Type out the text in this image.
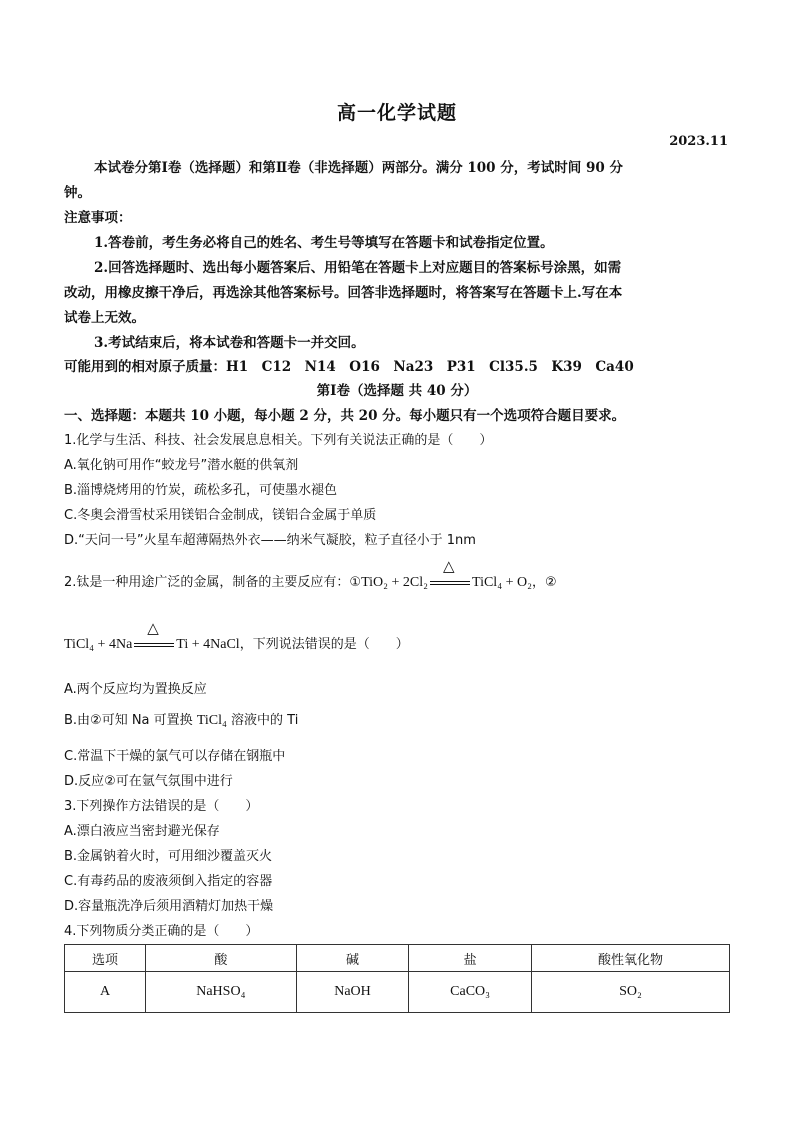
高一化学试题
2023.11
本试卷分第Ⅰ卷（选择题）和第Ⅱ卷（非选择题）两部分。满分 100 分，考试时间 90 分
钟。
注意事项：
1.答卷前，考生务必将自己的姓名、考生号等填写在答题卡和试卷指定位置。
2.回答选择题时、选出每小题答案后、用铅笔在答题卡上对应题目的答案标号涂黑，如需
改动，用橡皮擦干净后，再选涂其他答案标号。回答非选择题时，将答案写在答题卡上.写在本
试卷上无效。
3.考试结束后，将本试卷和答题卡一并交回。
可能用到的相对原子质量：H1　C12　N14　O16　Na23　P31　Cl35.5　K39　Ca40
第Ⅰ卷（选择题 共 40 分）
一、选择题：本题共 10 小题，每小题 2 分，共 20 分。每小题只有一个选项符合题目要求。
1.化学与生活、科技、社会发展息息相关。下列有关说法正确的是（　　）
A.氧化钠可用作“蛟龙号”潜水艇的供氧剂
B.淄博烧烤用的竹炭，疏松多孔，可使墨水褪色
C.冬奥会滑雪杖采用镁铝合金制成，镁铝合金属于单质
D.“天问一号”火星车超薄隔热外衣——纳米气凝胶，粒子直径小于 1nm
2.钛是一种用途广泛的金属，制备的主要反应有：①TiO₂ + 2Cl₂
△
TiCl₄ + O₂，②
TiCl₄ + 4Na
△
Ti + 4NaCl，下列说法错误的是（　　）
A.两个反应均为置换反应
B.由②可知 Na 可置换 TiCl₄ 溶液中的 Ti
C.常温下干燥的氯气可以存储在钢瓶中
D.反应②可在氩气氛围中进行
3.下列操作方法错误的是（　　）
A.漂白液应当密封避光保存
B.金属钠着火时，可用细沙覆盖灭火
C.有毒药品的废液须倒入指定的容器
D.容量瓶洗净后须用酒精灯加热干燥
4.下列物质分类正确的是（　　）
选项	酸	碱	盐	酸性氧化物
A	NaHSO₄	NaOH	CaCO₃	SO₂
